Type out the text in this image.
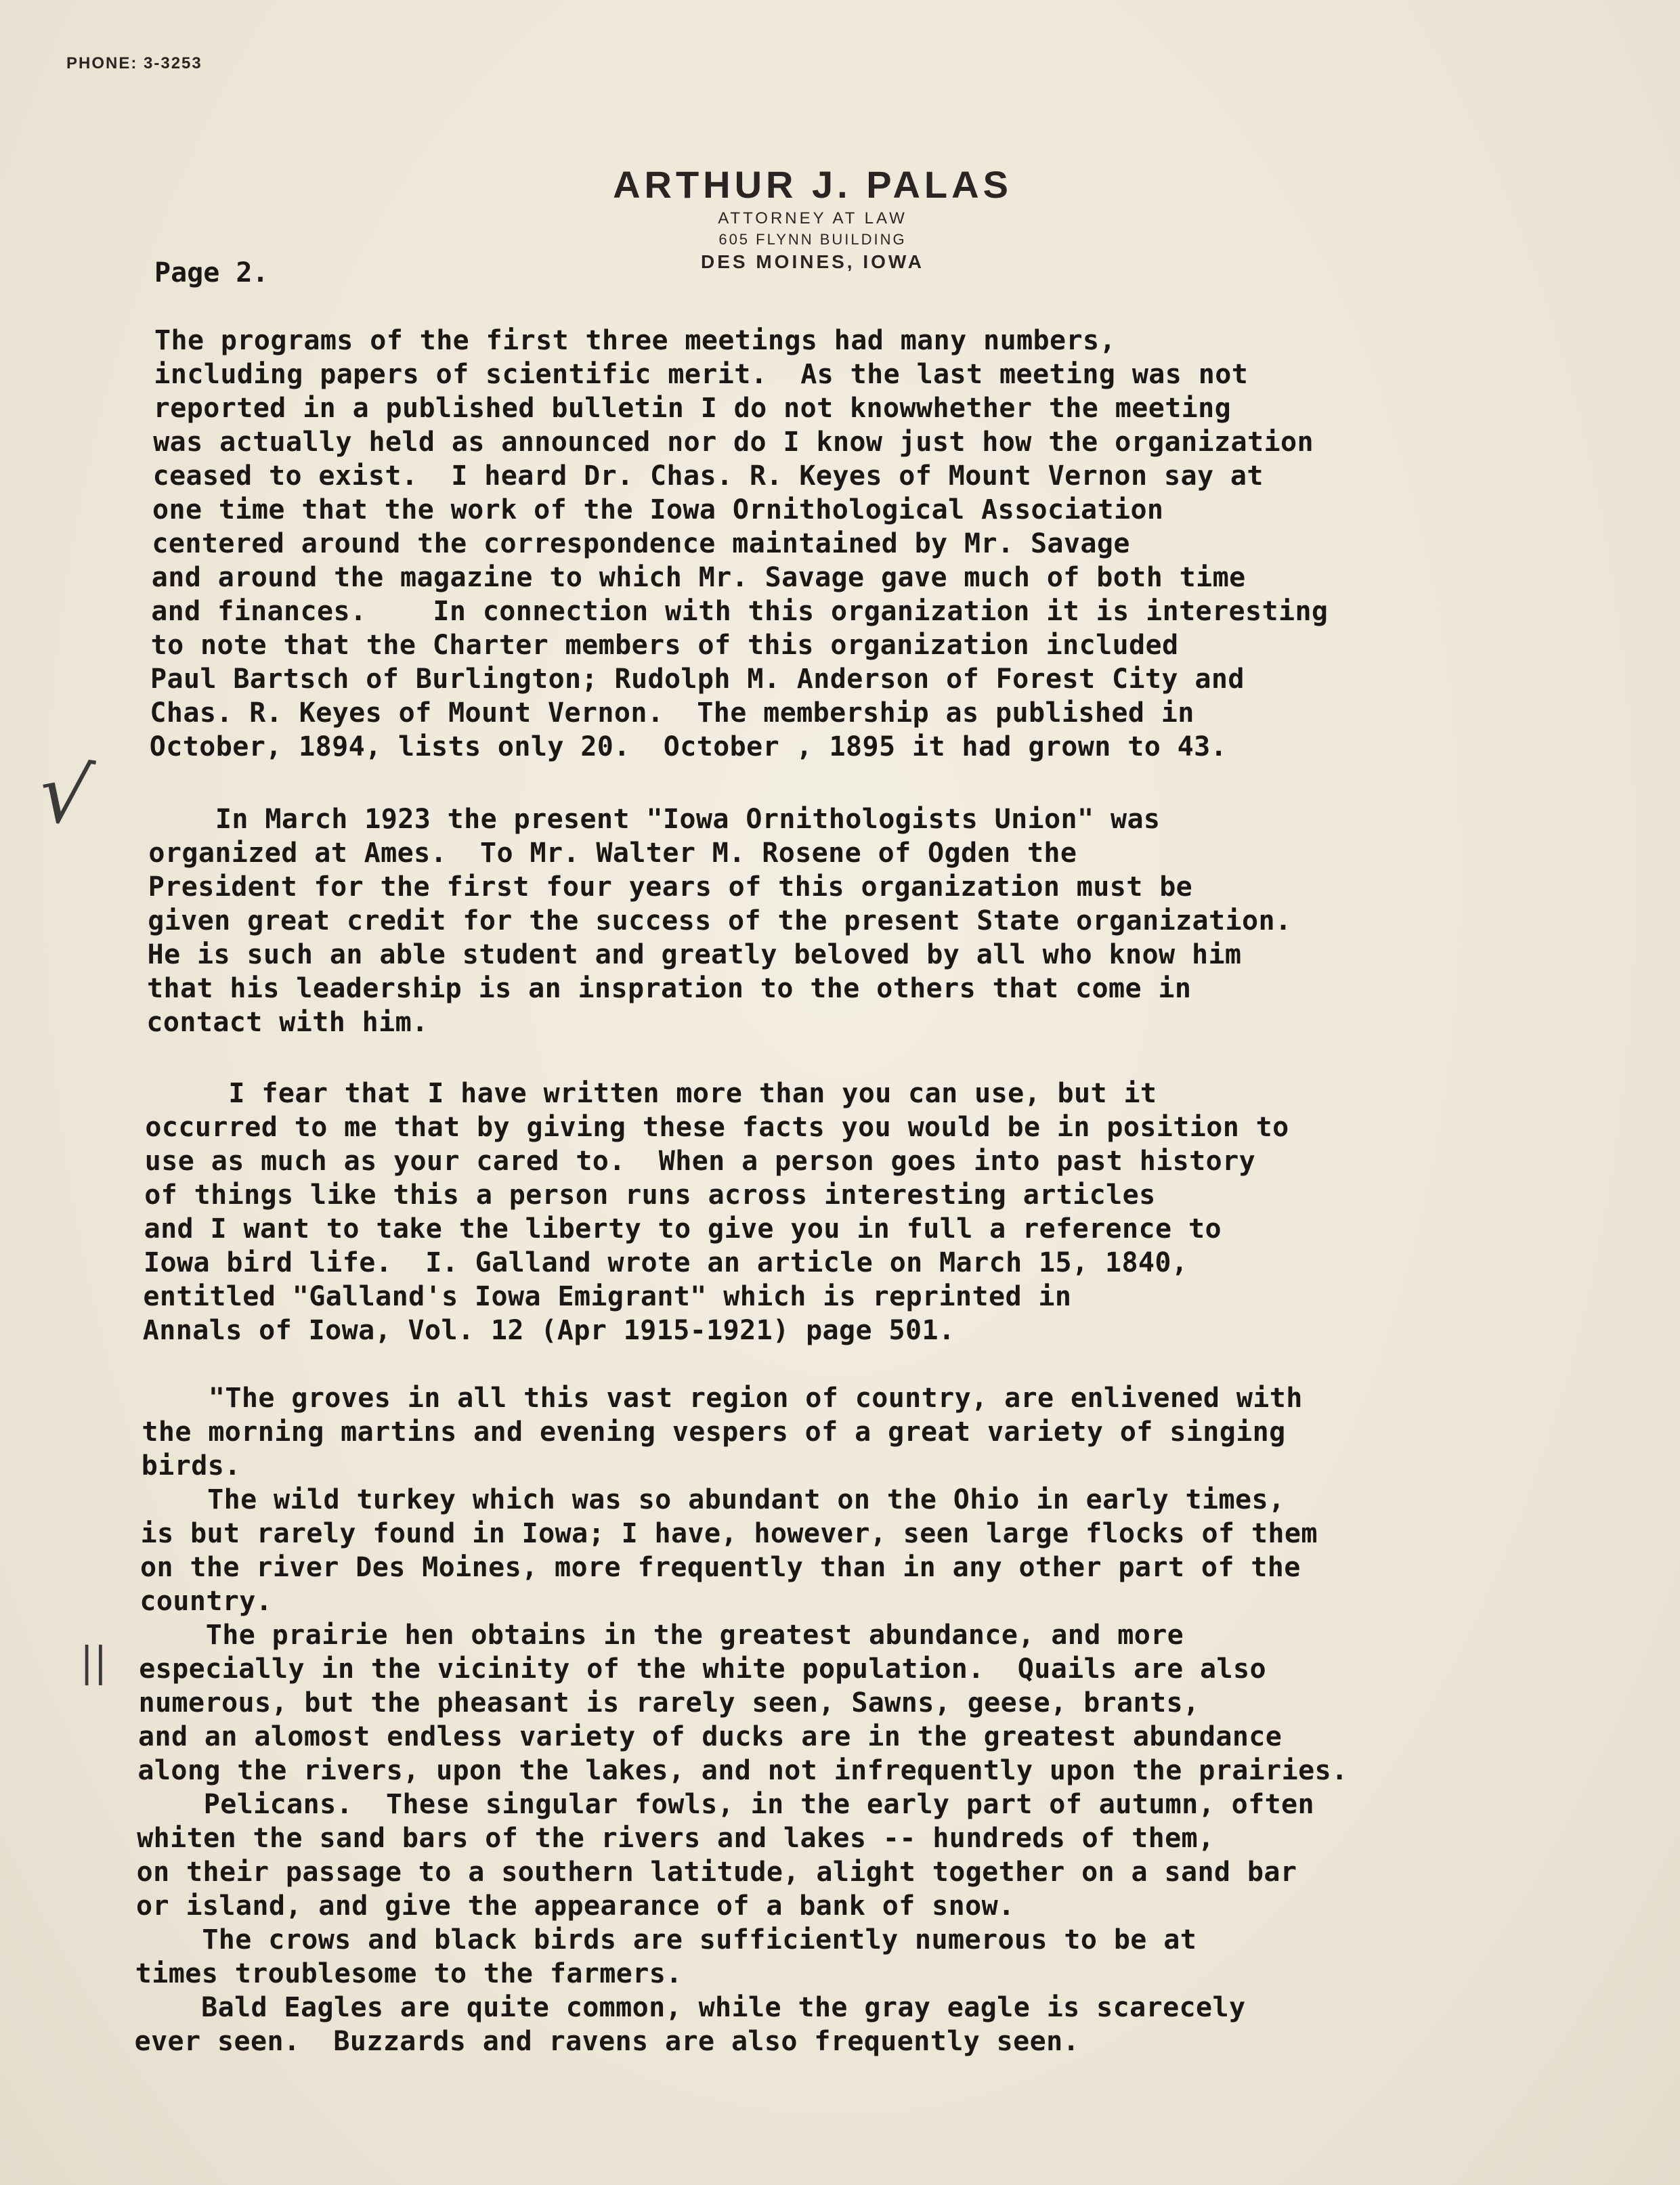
PHONE: 3-3253
ARTHUR J. PALAS
ATTORNEY AT LAW
605 FLYNN BUILDING
DES MOINES, IOWA
Page 2.
√
||
The programs of the first three meetings had many numbers,
including papers of scientific merit.  As the last meeting was not
reported in a published bulletin I do not knowwhether the meeting
was actually held as announced nor do I know just how the organization
ceased to exist.  I heard Dr. Chas. R. Keyes of Mount Vernon say at
one time that the work of the Iowa Ornithological Association
centered around the correspondence maintained by Mr. Savage
and around the magazine to which Mr. Savage gave much of both time
and finances.    In connection with this organization it is interesting
to note that the Charter members of this organization included
Paul Bartsch of Burlington; Rudolph M. Anderson of Forest City and
Chas. R. Keyes of Mount Vernon.  The membership as published in
October, 1894, lists only 20.  October , 1895 it had grown to 43.
In March 1923 the present "Iowa Ornithologists Union" was
organized at Ames.  To Mr. Walter M. Rosene of Ogden the
President for the first four years of this organization must be
given great credit for the success of the present State organization.
He is such an able student and greatly beloved by all who know him
that his leadership is an inspration to the others that come in
contact with him.
I fear that I have written more than you can use, but it
occurred to me that by giving these facts you would be in position to
use as much as your cared to.  When a person goes into past history
of things like this a person runs across interesting articles
and I want to take the liberty to give you in full a reference to
Iowa bird life.  I. Galland wrote an article on March 15, 1840,
entitled "Galland's Iowa Emigrant" which is reprinted in
Annals of Iowa, Vol. 12 (Apr 1915-1921) page 501.
"The groves in all this vast region of country, are enlivened with
the morning martins and evening vespers of a great variety of singing
birds.
The wild turkey which was so abundant on the Ohio in early times,
is but rarely found in Iowa; I have, however, seen large flocks of them
on the river Des Moines, more frequently than in any other part of the
country.
The prairie hen obtains in the greatest abundance, and more
especially in the vicinity of the white population.  Quails are also
numerous, but the pheasant is rarely seen, Sawns, geese, brants,
and an alomost endless variety of ducks are in the greatest abundance
along the rivers, upon the lakes, and not infrequently upon the prairies.
Pelicans.  These singular fowls, in the early part of autumn, often
whiten the sand bars of the rivers and lakes -- hundreds of them,
on their passage to a southern latitude, alight together on a sand bar
or island, and give the appearance of a bank of snow.
The crows and black birds are sufficiently numerous to be at
times troublesome to the farmers.
Bald Eagles are quite common, while the gray eagle is scarecely
ever seen.  Buzzards and ravens are also frequently seen.
